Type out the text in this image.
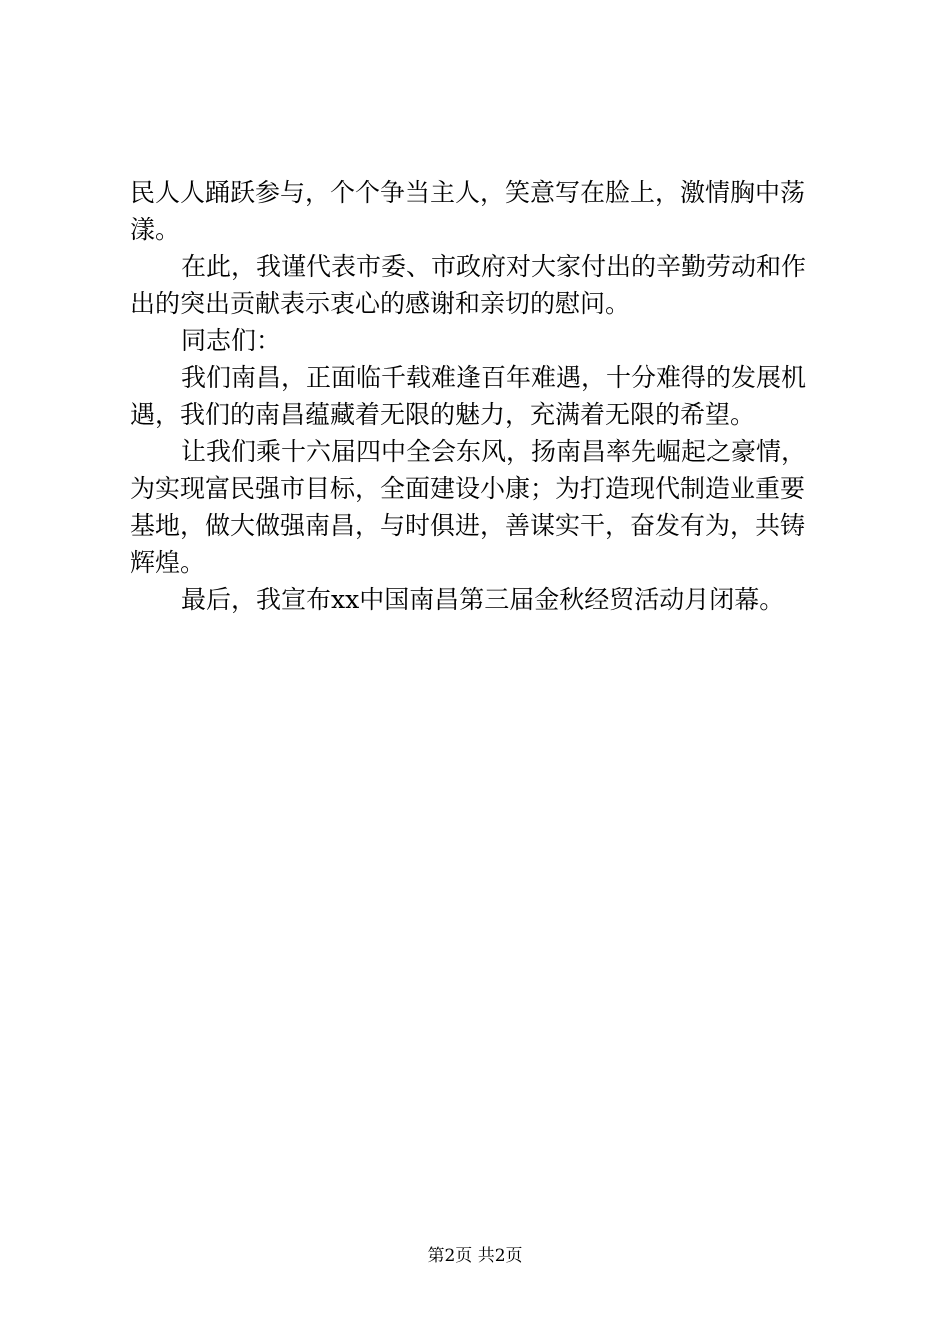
民人人踊跃参与，个个争当主人，笑意写在脸上，激情胸中荡
漾。
在此，我谨代表市委、市政府对大家付出的辛勤劳动和作
出的突出贡献表示衷心的感谢和亲切的慰问。
同志们：
我们南昌，正面临千载难逢百年难遇，十分难得的发展机
遇，我们的南昌蕴藏着无限的魅力，充满着无限的希望。
让我们乘十六届四中全会东风，扬南昌率先崛起之豪情，
为实现富民强市目标，全面建设小康；为打造现代制造业重要
基地，做大做强南昌，与时俱进，善谋实干，奋发有为，共铸
辉煌。
最后，我宣布xx中国南昌第三届金秋经贸活动月闭幕。
第2页 共2页
